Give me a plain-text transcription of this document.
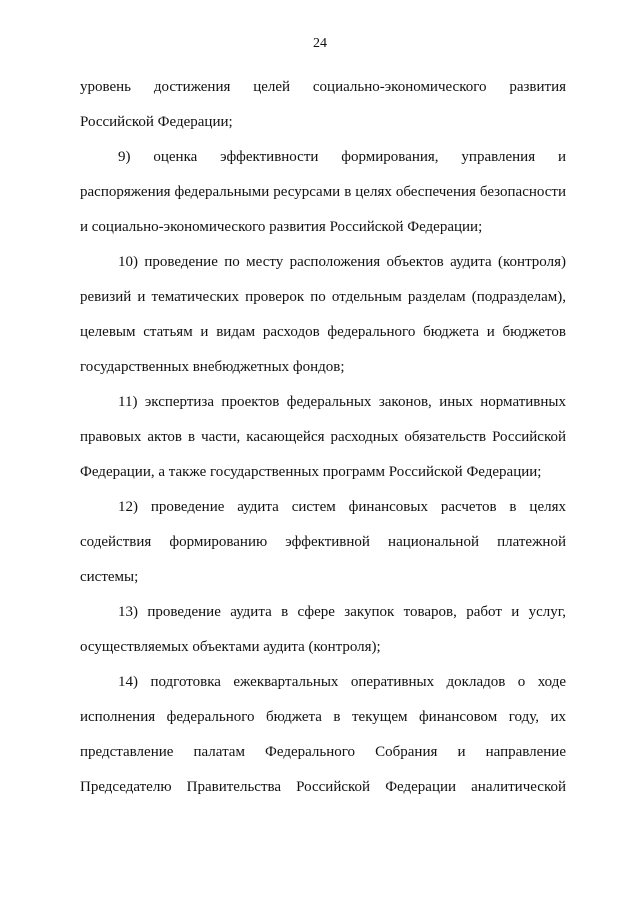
24
уровень достижения целей социально-экономического развития
Российской Федерации;
9) оценка эффективности формирования, управления и
распоряжения федеральными ресурсами в целях обеспечения безопасности
и социально-экономического развития Российской Федерации;
10) проведение по месту расположения объектов аудита (контроля)
ревизий и тематических проверок по отдельным разделам (подразделам),
целевым статьям и видам расходов федерального бюджета и бюджетов
государственных внебюджетных фондов;
11) экспертиза проектов федеральных законов, иных нормативных
правовых актов в части, касающейся расходных обязательств Российской
Федерации, а также государственных программ Российской Федерации;
12) проведение аудита систем финансовых расчетов в целях
содействия формированию эффективной национальной платежной
системы;
13) проведение аудита в сфере закупок товаров, работ и услуг,
осуществляемых объектами аудита (контроля);
14) подготовка ежеквартальных оперативных докладов о ходе
исполнения федерального бюджета в текущем финансовом году, их
представление палатам Федерального Собрания и направление
Председателю Правительства Российской Федерации аналитической
